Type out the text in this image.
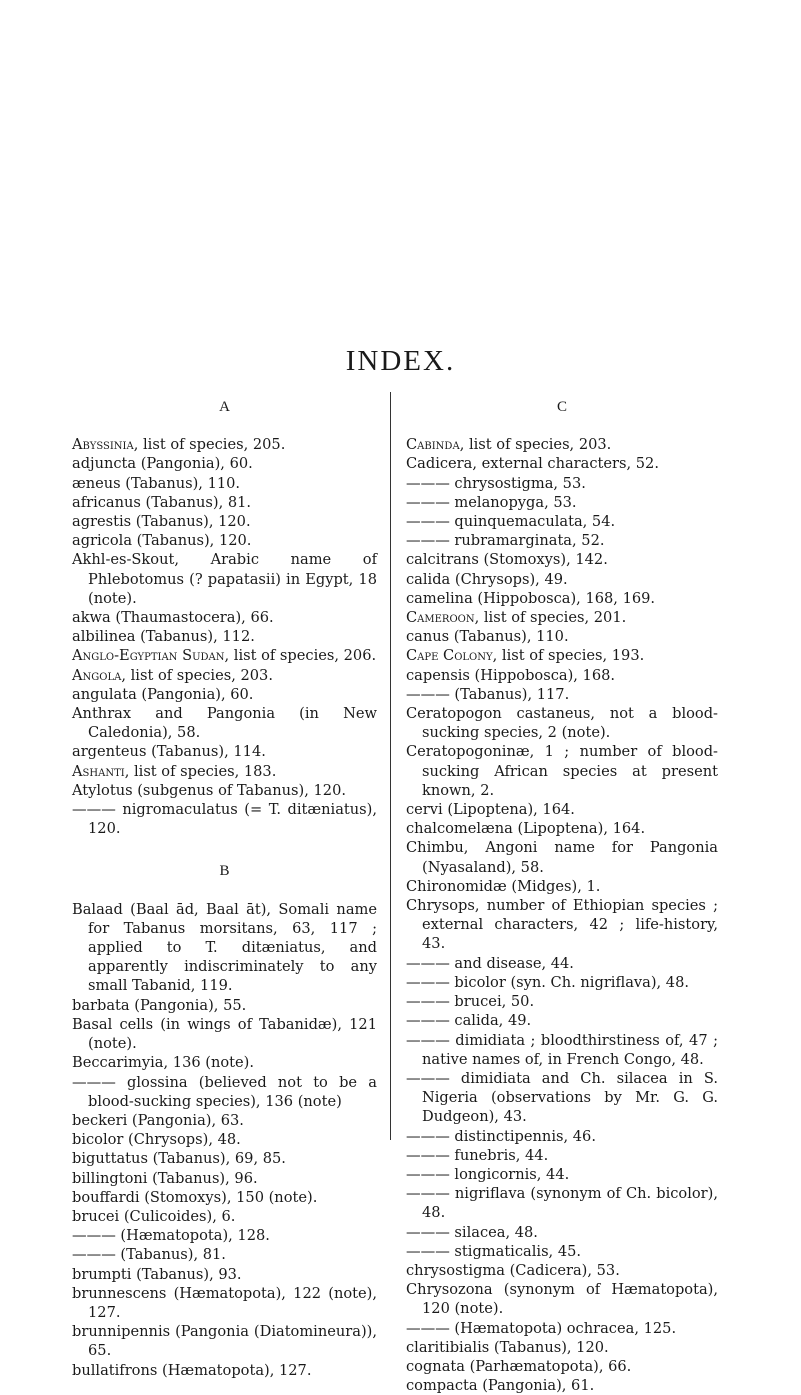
INDEX.
A
Abyssinia, list of species, 205.
adjuncta (Pangonia), 60.
æneus (Tabanus), 110.
africanus (Tabanus), 81.
agrestis (Tabanus), 120.
agricola (Tabanus), 120.
Akhl-es-Skout, Arabic name of Phlebotomus (? papatasii) in Egypt, 18 (note).
akwa (Thaumastocera), 66.
albilinea (Tabanus), 112.
Anglo-Egyptian Sudan, list of species, 206.
Angola, list of species, 203.
angulata (Pangonia), 60.
Anthrax and Pangonia (in New Caledonia), 58.
argenteus (Tabanus), 114.
Ashanti, list of species, 183.
Atylotus (subgenus of Tabanus), 120.
——— nigromaculatus (= T. ditæniatus), 120.
B
Balaad (Baal ād, Baal āt), Somali name for Tabanus morsitans, 63, 117 ; applied to T. ditæniatus, and apparently indiscriminately to any small Tabanid, 119.
barbata (Pangonia), 55.
Basal cells (in wings of Tabanidæ), 121 (note).
Beccarimyia, 136 (note).
——— glossina (believed not to be a blood-sucking species), 136 (note)
beckeri (Pangonia), 63.
bicolor (Chrysops), 48.
biguttatus (Tabanus), 69, 85.
billingtoni (Tabanus), 96.
bouffardi (Stomoxys), 150 (note).
brucei (Culicoides), 6.
——— (Hæmatopota), 128.
——— (Tabanus), 81.
brumpti (Tabanus), 93.
brunnescens (Hæmatopota), 122 (note), 127.
brunnipennis (Pangonia (Diatomineura)), 65.
bullatifrons (Hæmatopota), 127.
C
Cabinda, list of species, 203.
Cadicera, external characters, 52.
——— chrysostigma, 53.
——— melanopyga, 53.
——— quinquemaculata, 54.
——— rubramarginata, 52.
calcitrans (Stomoxys), 142.
calida (Chrysops), 49.
camelina (Hippobosca), 168, 169.
Cameroon, list of species, 201.
canus (Tabanus), 110.
Cape Colony, list of species, 193.
capensis (Hippobosca), 168.
——— (Tabanus), 117.
Ceratopogon castaneus, not a blood-sucking species, 2 (note).
Ceratopogoninæ, 1 ; number of blood-sucking African species at present known, 2.
cervi (Lipoptena), 164.
chalcomelæna (Lipoptena), 164.
Chimbu, Angoni name for Pangonia (Nyasaland), 58.
Chironomidæ (Midges), 1.
Chrysops, number of Ethiopian species ; external characters, 42 ; life-history, 43.
——— and disease, 44.
——— bicolor (syn. Ch. nigriflava), 48.
——— brucei, 50.
——— calida, 49.
——— dimidiata ; bloodthirstiness of, 47 ; native names of, in French Congo, 48.
——— dimidiata and Ch. silacea in S. Nigeria (observations by Mr. G. G. Dudgeon), 43.
——— distinctipennis, 46.
——— funebris, 44.
——— longicornis, 44.
——— nigriflava (synonym of Ch. bicolor), 48.
——— silacea, 48.
——— stigmaticalis, 45.
chrysostigma (Cadicera), 53.
Chrysozona (synonym of Hæmatopota), 120 (note).
——— (Hæmatopota) ochracea, 125.
claritibialis (Tabanus), 120.
cognata (Parhæmatopota), 66.
compacta (Pangonia), 61.
